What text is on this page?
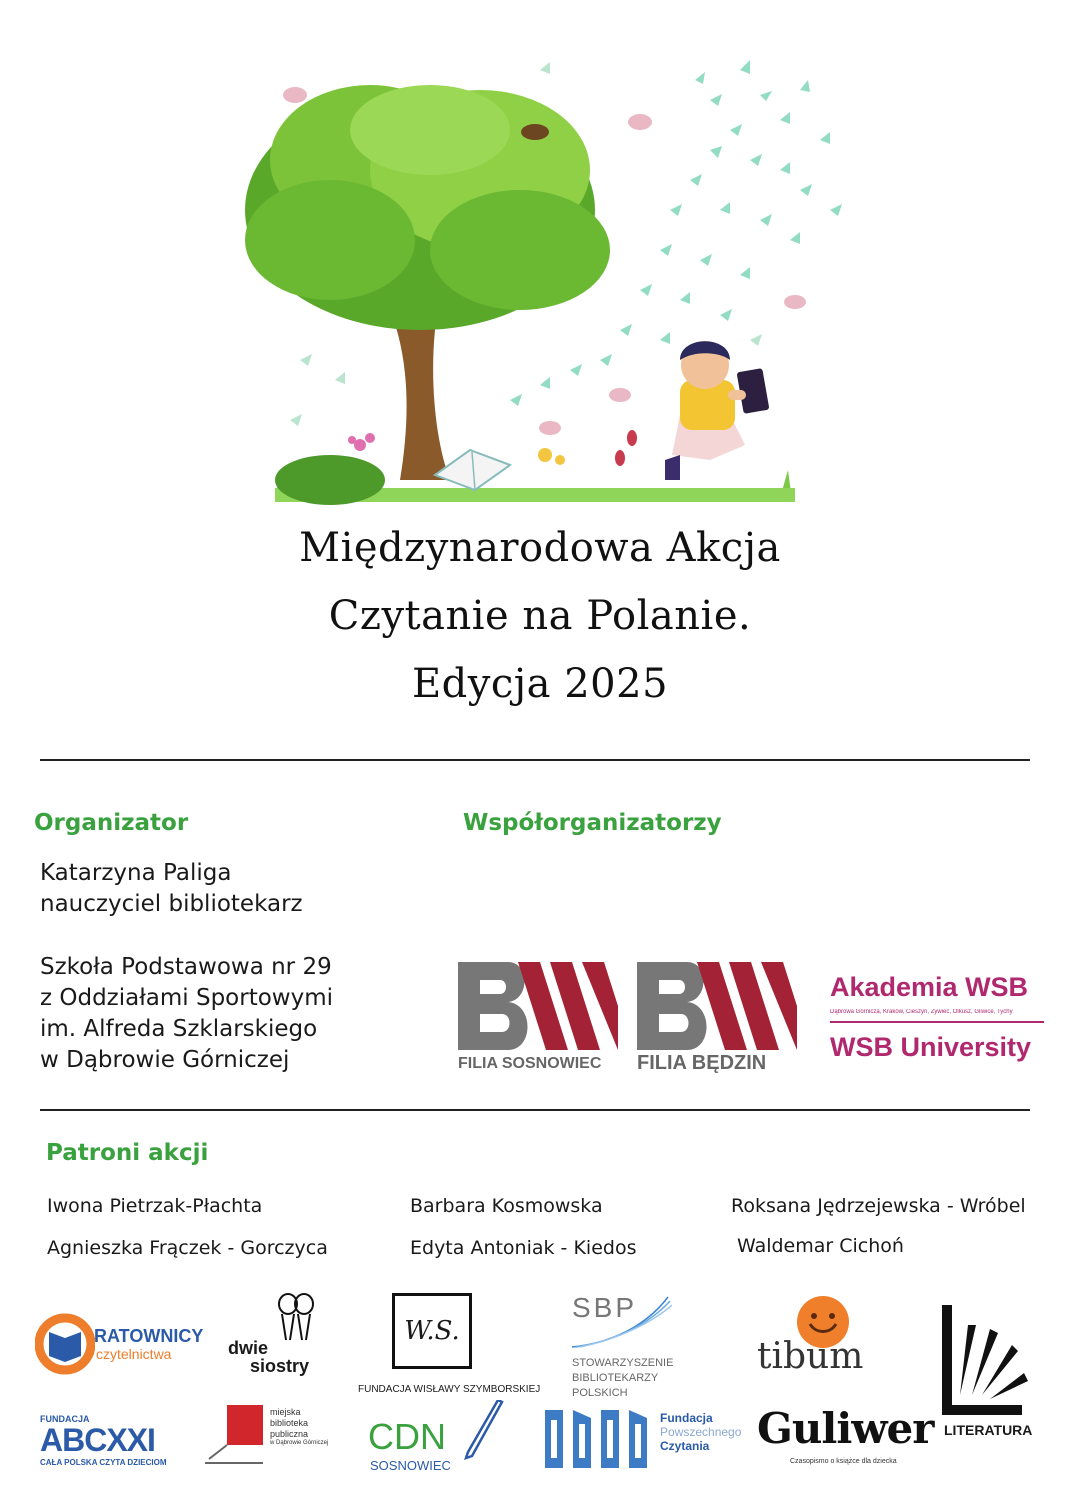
Międzynarodowa Akcja
Czytanie na Polanie.
Edycja 2025
Organizator
Katarzyna Paliga
nauczyciel bibliotekarz
Szkoła Podstawowa nr 29
z Oddziałami Sportowymi
im. Alfreda Szklarskiego
w Dąbrowie Górniczej
Współorganizatorzy
FILIA SOSNOWIEC FILIA BĘDZIN
Akademia WSB
Dąbrowa Górnicza, Kraków, Cieszyn, Żywiec, Olkusz, Gliwice, Tychy
WSB University
Patroni akcji
Iwona Pietrzak-Płachta	Barbara Kosmowska	Roksana Jędrzejewska - Wróbel
Agnieszka Frączek - Gorczyca	Edyta Antoniak - Kiedos	Waldemar Cichoń
RATOWNICY
czytelnictwa	dwie
siostry
W.S.
FUNDACJA WISŁAWY SZYMBORSKIEJ
SBP
STOWARZYSZENIE
BIBLIOTEKARZY
POLSKICH
tibum
LITERATURA
FUNDACJA
ABCXXI
CAŁA POLSKA CZYTA DZIECIOM
miejska
biblioteka
publiczna
w Dąbrowie Górniczej CDN
SOSNOWIEC
Fundacja
Powszechnego
Czytania Guliwer
Czasopismo o książce dla dziecka
